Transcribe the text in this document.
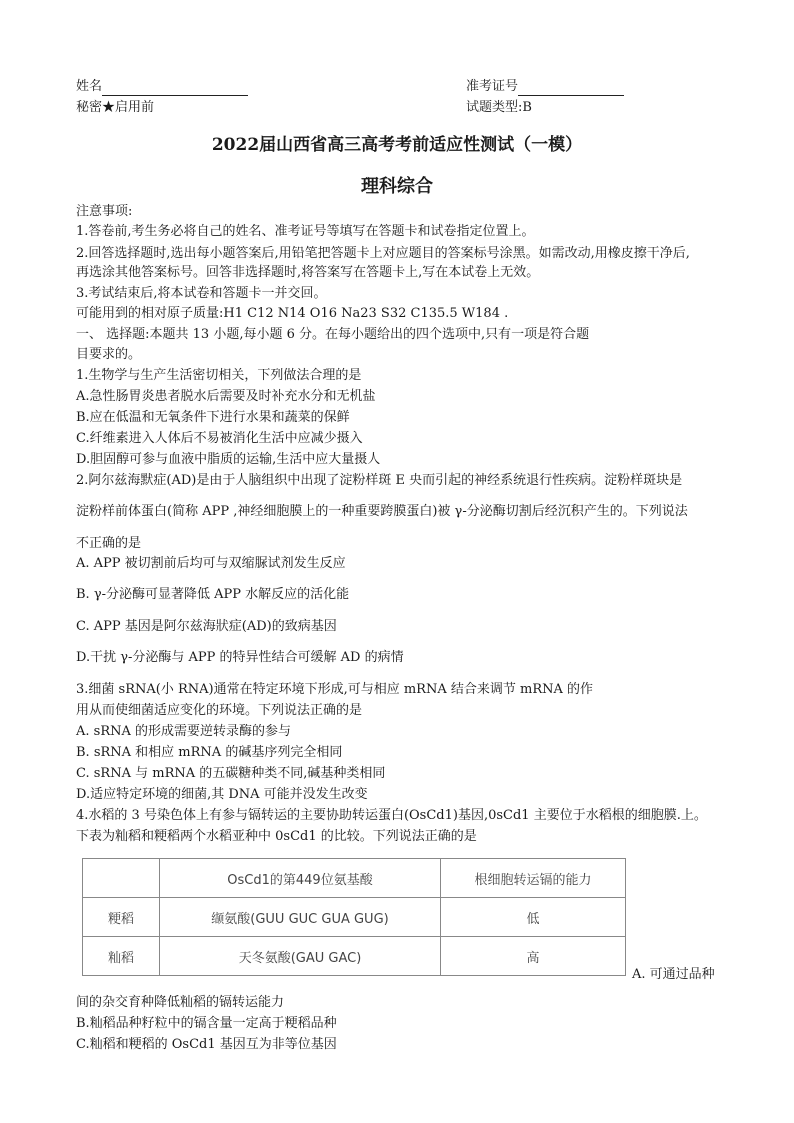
姓名	准考证号
秘密★启用前	试题类型:B
2022届山西省高三高考考前适应性测试（一模）
理科综合
注意事项:
1.答卷前,考生务必将自己的姓名、准考证号等填写在答题卡和试卷指定位置上。
2.回答选择题时,选出每小题答案后,用铅笔把答题卡上对应题目的答案标号涂黑。如需改动,用橡皮擦干净后,
再选涂其他答案标号。回答非选择题时,将答案写在答题卡上,写在本试卷上无效。
3.考试结束后,将本试卷和答题卡一并交回。
可能用到的相对原子质量:H1 C12 N14 O16 Na23 S32 C135.5 W184 .
一、 选择题:本题共 13 小题,每小题 6 分。在每小题给出的四个选项中,只有一项是符合题
目要求的。
1.生物学与生产生活密切相关，下列做法合理的是
A.急性肠胃炎患者脱水后需要及时补充水分和无机盐
B.应在低温和无氧条件下进行水果和蔬菜的保鲜
C.纤维素进入人体后不易被消化生活中应减少摄入
D.胆固醇可参与血液中脂质的运输,生活中应大量摄人
2.阿尔兹海默症(AD)是由于人脑组织中出现了淀粉样斑 E 央而引起的神经系统退行性疾病。淀粉样斑块是
淀粉样前体蛋白(简称 APP ,神经细胞膜上的一种重要跨膜蛋白)被 γ-分泌酶切割后经沉积产生的。下列说法
不正确的是
A. APP 被切割前后均可与双缩脲试剂发生反应
B. γ-分泌酶可显著降低 APP 水解反应的活化能
C. APP 基因是阿尔兹海狀症(AD)的致病基因
D.干扰 γ-分泌酶与 APP 的特异性结合可缓解 AD 的病情
3.细菌 sRNA(小 RNA)通常在特定环境下形成,可与相应 mRNA 结合来调节 mRNA 的作
用从而使细菌适应变化的环境。下列说法正确的是
A. sRNA 的形成需要逆转录酶的参与
B. sRNA 和相应 mRNA 的碱基序列完全相同
C. sRNA 与 mRNA 的五碳糖种类不同,碱基种类相同
D.适应特定环境的细菌,其 DNA 可能并没发生改变
4.水稻的 3 号染色体上有参与镉转运的主要协助转运蛋白(OsCd1)基因,0sCd1 主要位于水稻根的细胞膜.上。
下表为籼稻和粳稻两个水稻亚种中 0sCd1 的比较。下列说法正确的是
	OsCd1的第449位氨基酸	根细胞转运镉的能力
粳稻	缬氨酸(GUU GUC GUA GUG)	低
籼稻	天冬氨酸(GAU GAC)	高
A. 可通过品种
间的杂交育种降低籼稻的镉转运能力
B.籼稻品种籽粒中的镉含量一定高于粳稻品种
C.籼稻和粳稻的 OsCd1 基因互为非等位基因
